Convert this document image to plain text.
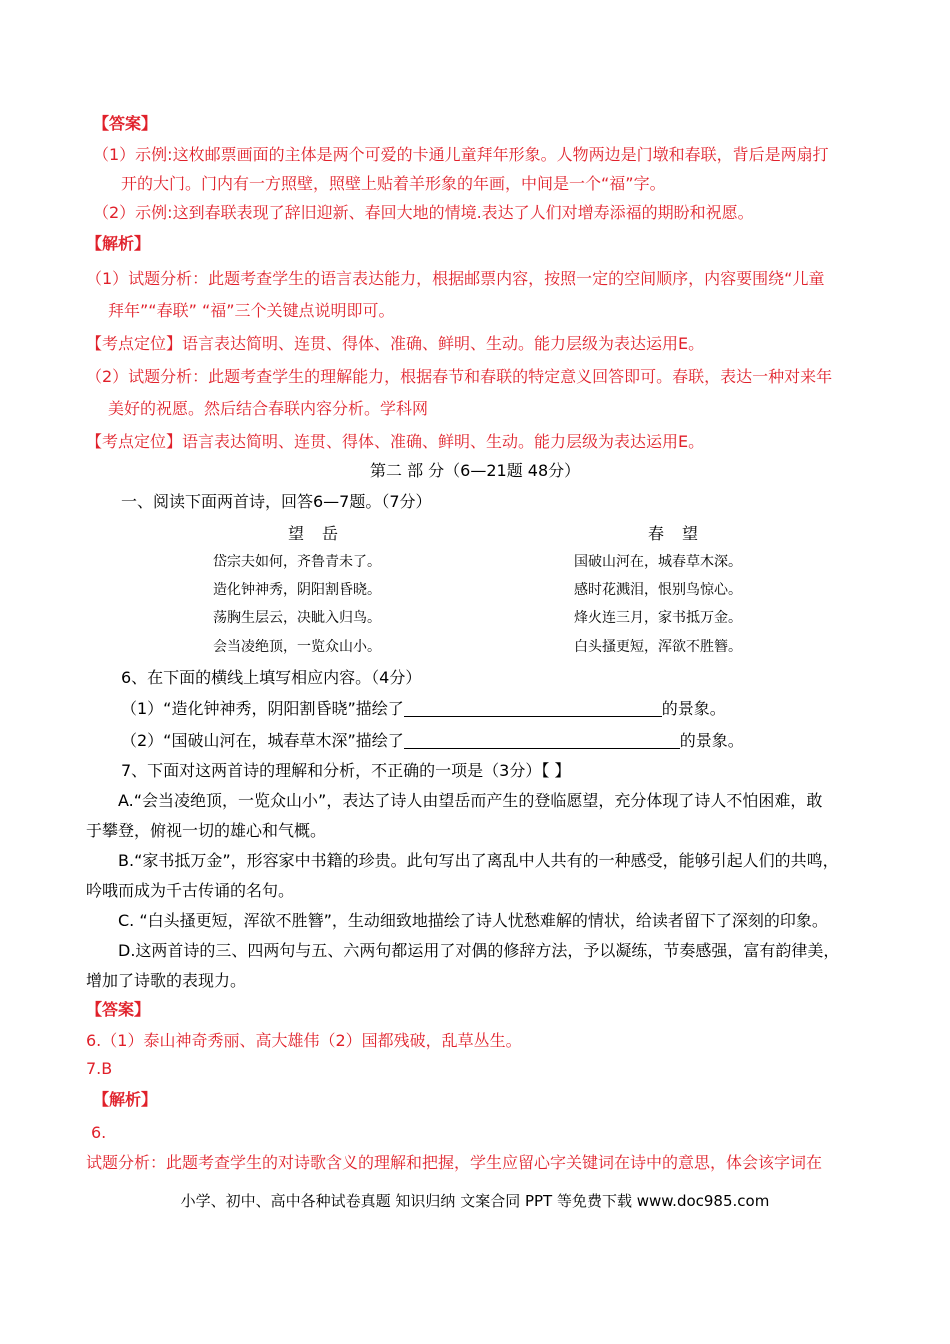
【答案】
（1）示例:这枚邮票画面的主体是两个可爱的卡通儿童拜年形象。人物两边是门墩和春联，背后是两扇打
开的大门。门内有一方照壁，照壁上贴着羊形象的年画，中间是一个“福”字。
（2）示例:这到春联表现了辞旧迎新、春回大地的情境.表达了人们对增寿添福的期盼和祝愿。
【解析】
（1）试题分析：此题考查学生的语言表达能力，根据邮票内容，按照一定的空间顺序，内容要围绕“儿童
拜年”“春联” “福”三个关键点说明即可。
【考点定位】语言表达简明、连贯、得体、准确、鲜明、生动。能力层级为表达运用E。
（2）试题分析：此题考查学生的理解能力，根据春节和春联的特定意义回答即可。春联，表达一种对来年
美好的祝愿。然后结合春联内容分析。学科网
【考点定位】语言表达简明、连贯、得体、准确、鲜明、生动。能力层级为表达运用E。
第二 部 分（6—21题 48分）
一、阅读下面两首诗，回答6—7题。（7分）
望岳	春望
岱宗夫如何，齐鲁青未了。
造化钟神秀，阴阳割昏晓。
荡胸生层云，决眦入归鸟。
会当凌绝顶，一览众山小。
国破山河在，城春草木深。
感时花溅泪，恨别鸟惊心。
烽火连三月，家书抵万金。
白头搔更短，浑欲不胜簪。
6、在下面的横线上填写相应内容。（4分）
（1）“造化钟神秀，阴阳割昏晓”描绘了	的景象。
（2）“国破山河在，城春草木深”描绘了	的景象。
7、下面对这两首诗的理解和分析，不正确的一项是（3分）【 】
A.“会当凌绝顶，一览众山小”，表达了诗人由望岳而产生的登临愿望，充分体现了诗人不怕困难，敢
于攀登，俯视一切的雄心和气概。
B.“家书抵万金”，形容家中书籍的珍贵。此句写出了离乱中人共有的一种感受，能够引起人们的共鸣，
吟哦而成为千古传诵的名句。
C. “白头搔更短，浑欲不胜簪”，生动细致地描绘了诗人忧愁难解的情状，给读者留下了深刻的印象。
D.这两首诗的三、四两句与五、六两句都运用了对偶的修辞方法，予以凝练，节奏感强，富有韵律美，
增加了诗歌的表现力。
【答案】
6.（1）泰山神奇秀丽、高大雄伟（2）国都残破，乱草丛生。
7.B
【解析】
6.
试题分析：此题考查学生的对诗歌含义的理解和把握，学生应留心字关键词在诗中的意思，体会该字词在
小学、初中、高中各种试卷真题 知识归纳 文案合同 PPT 等免费下载 www.doc985.com
